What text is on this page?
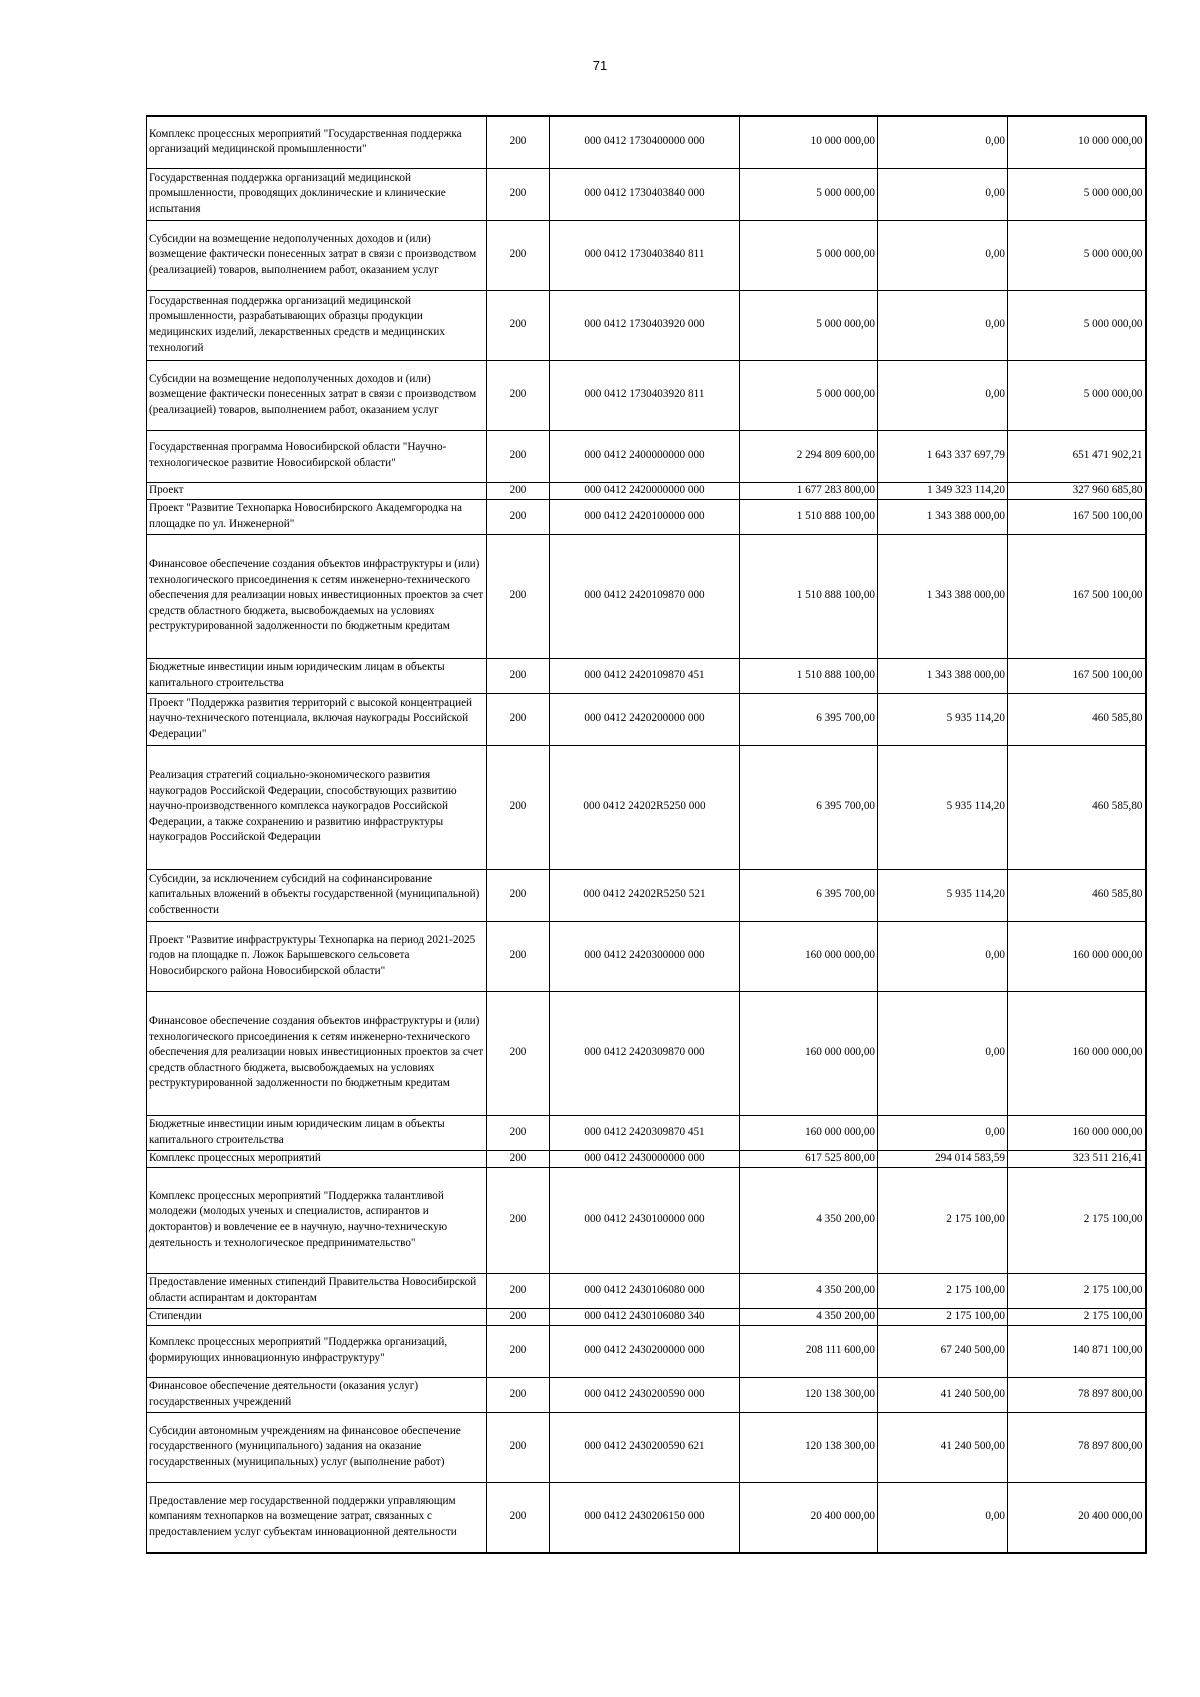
71
Комплекс процессных мероприятий "Государственная поддержка организаций медицинской промышленности"	200	000 0412 1730400000 000	10 000 000,00	0,00	10 000 000,00
Государственная поддержка организаций медицинской промышленности, проводящих доклинические и клинические испытания	200	000 0412 1730403840 000	5 000 000,00	0,00	5 000 000,00
Субсидии на возмещение недополученных доходов и (или) возмещение фактически понесенных затрат в связи с производством (реализацией) товаров, выполнением работ, оказанием услуг	200	000 0412 1730403840 811	5 000 000,00	0,00	5 000 000,00
Государственная поддержка организаций медицинской промышленности, разрабатывающих образцы продукции медицинских изделий, лекарственных средств и медицинских технологий	200	000 0412 1730403920 000	5 000 000,00	0,00	5 000 000,00
Субсидии на возмещение недополученных доходов и (или) возмещение фактически понесенных затрат в связи с производством (реализацией) товаров, выполнением работ, оказанием услуг	200	000 0412 1730403920 811	5 000 000,00	0,00	5 000 000,00
Государственная программа Новосибирской области "Научно-технологическое развитие Новосибирской области"	200	000 0412 2400000000 000	2 294 809 600,00	1 643 337 697,79	651 471 902,21
Проект	200	000 0412 2420000000 000	1 677 283 800,00	1 349 323 114,20	327 960 685,80
Проект "Развитие Технопарка Новосибирского Академгородка на площадке по ул. Инженерной"	200	000 0412 2420100000 000	1 510 888 100,00	1 343 388 000,00	167 500 100,00
Финансовое обеспечение создания объектов инфраструктуры и (или) технологического присоединения к сетям инженерно-технического обеспечения для реализации новых инвестиционных проектов за счет средств областного бюджета, высвобождаемых на условиях реструктурированной задолженности по бюджетным кредитам	200	000 0412 2420109870 000	1 510 888 100,00	1 343 388 000,00	167 500 100,00
Бюджетные инвестиции иным юридическим лицам в объекты капитального строительства	200	000 0412 2420109870 451	1 510 888 100,00	1 343 388 000,00	167 500 100,00
Проект "Поддержка развития территорий с высокой концентрацией научно-технического потенциала, включая наукограды Российской Федерации"	200	000 0412 2420200000 000	6 395 700,00	5 935 114,20	460 585,80
Реализация стратегий социально-экономического развития наукоградов Российской Федерации, способствующих развитию научно-производственного комплекса наукоградов Российской Федерации, а также сохранению и развитию инфраструктуры наукоградов Российской Федерации	200	000 0412 24202R5250 000	6 395 700,00	5 935 114,20	460 585,80
Субсидии, за исключением субсидий на софинансирование капитальных вложений в объекты государственной (муниципальной) собственности	200	000 0412 24202R5250 521	6 395 700,00	5 935 114,20	460 585,80
Проект "Развитие инфраструктуры Технопарка на период 2021-2025 годов на площадке п. Ложок Барышевского сельсовета Новосибирского района Новосибирской области"	200	000 0412 2420300000 000	160 000 000,00	0,00	160 000 000,00
Финансовое обеспечение создания объектов инфраструктуры и (или) технологического присоединения к сетям инженерно-технического обеспечения для реализации новых инвестиционных проектов за счет средств областного бюджета, высвобождаемых на условиях реструктурированной задолженности по бюджетным кредитам	200	000 0412 2420309870 000	160 000 000,00	0,00	160 000 000,00
Бюджетные инвестиции иным юридическим лицам в объекты капитального строительства	200	000 0412 2420309870 451	160 000 000,00	0,00	160 000 000,00
Комплекс процессных мероприятий	200	000 0412 2430000000 000	617 525 800,00	294 014 583,59	323 511 216,41
Комплекс процессных мероприятий "Поддержка талантливой молодежи (молодых ученых и специалистов, аспирантов и докторантов) и вовлечение ее в научную, научно-техническую деятельность и технологическое предпринимательство"	200	000 0412 2430100000 000	4 350 200,00	2 175 100,00	2 175 100,00
Предоставление именных стипендий Правительства Новосибирской области аспирантам и докторантам	200	000 0412 2430106080 000	4 350 200,00	2 175 100,00	2 175 100,00
Стипендии	200	000 0412 2430106080 340	4 350 200,00	2 175 100,00	2 175 100,00
Комплекс процессных мероприятий "Поддержка организаций, формирующих инновационную инфраструктуру"	200	000 0412 2430200000 000	208 111 600,00	67 240 500,00	140 871 100,00
Финансовое обеспечение деятельности (оказания услуг) государственных учреждений	200	000 0412 2430200590 000	120 138 300,00	41 240 500,00	78 897 800,00
Субсидии автономным учреждениям на финансовое обеспечение государственного (муниципального) задания на оказание государственных (муниципальных) услуг (выполнение работ)	200	000 0412 2430200590 621	120 138 300,00	41 240 500,00	78 897 800,00
Предоставление мер государственной поддержки управляющим компаниям технопарков на возмещение затрат, связанных с предоставлением услуг субъектам инновационной деятельности	200	000 0412 2430206150 000	20 400 000,00	0,00	20 400 000,00
